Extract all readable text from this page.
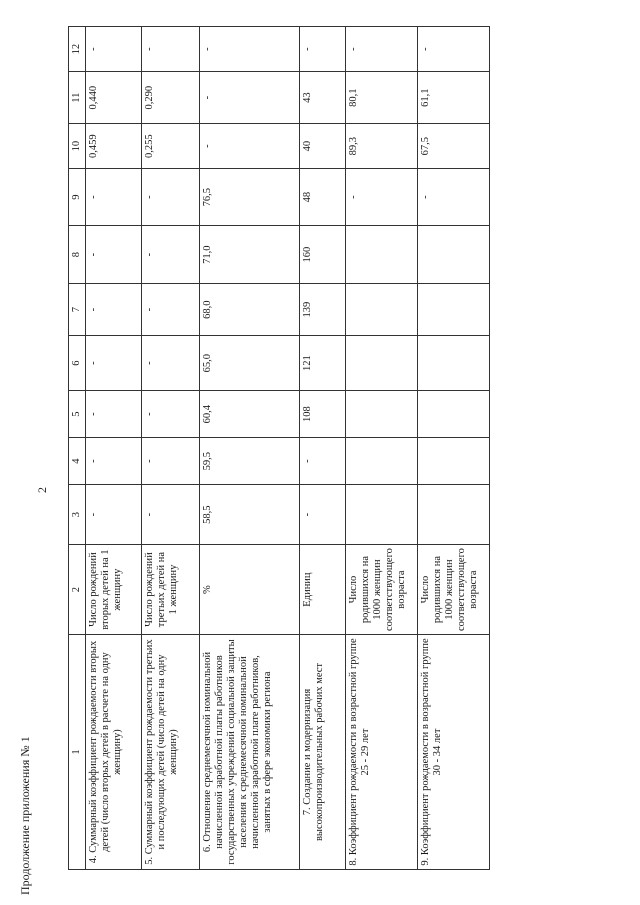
Продолжение приложения № 1
2
1	2	3	4	5	6	7	8	9	10	11	12
4. Суммарный коэффициент рождаемости вторых детей (число вторых детей в расчете на одну женщину)	Число рождений вторых детей на 1 женщину	-	-	-	-	-	-	-	0,459	0,440	-
5. Суммарный коэффициент рождаемости третьих и последующих детей (число детей на одну женщину)	Число рождений третьих детей на 1 женщину	-	-	-	-	-	-	-	0,255	0,290	-
6. Отношение среднемесячной номинальной начисленной заработной платы работников государственных учреждений социальной защиты населения к среднемесячной номинальной начисленной заработной плате работников, занятых в сфере экономики региона	%	58,5	59,5	60,4	65,0	68,0	71,0	76,5	-	-	-
7. Создание и модернизация высокопроизводительных рабочих мест	Единиц	-	-	108	121	139	160	48	40	43	-
8. Коэффициент рождаемости в возрастной группе 25 - 29 лет	Число родившихся на 1000 женщин соответствующего возраста							-	89,3	80,1	-
9. Коэффициент рождаемости в возрастной группе 30 - 34 лет	Число родившихся на 1000 женщин соответствующего возраста							-	67,5	61,1	-
